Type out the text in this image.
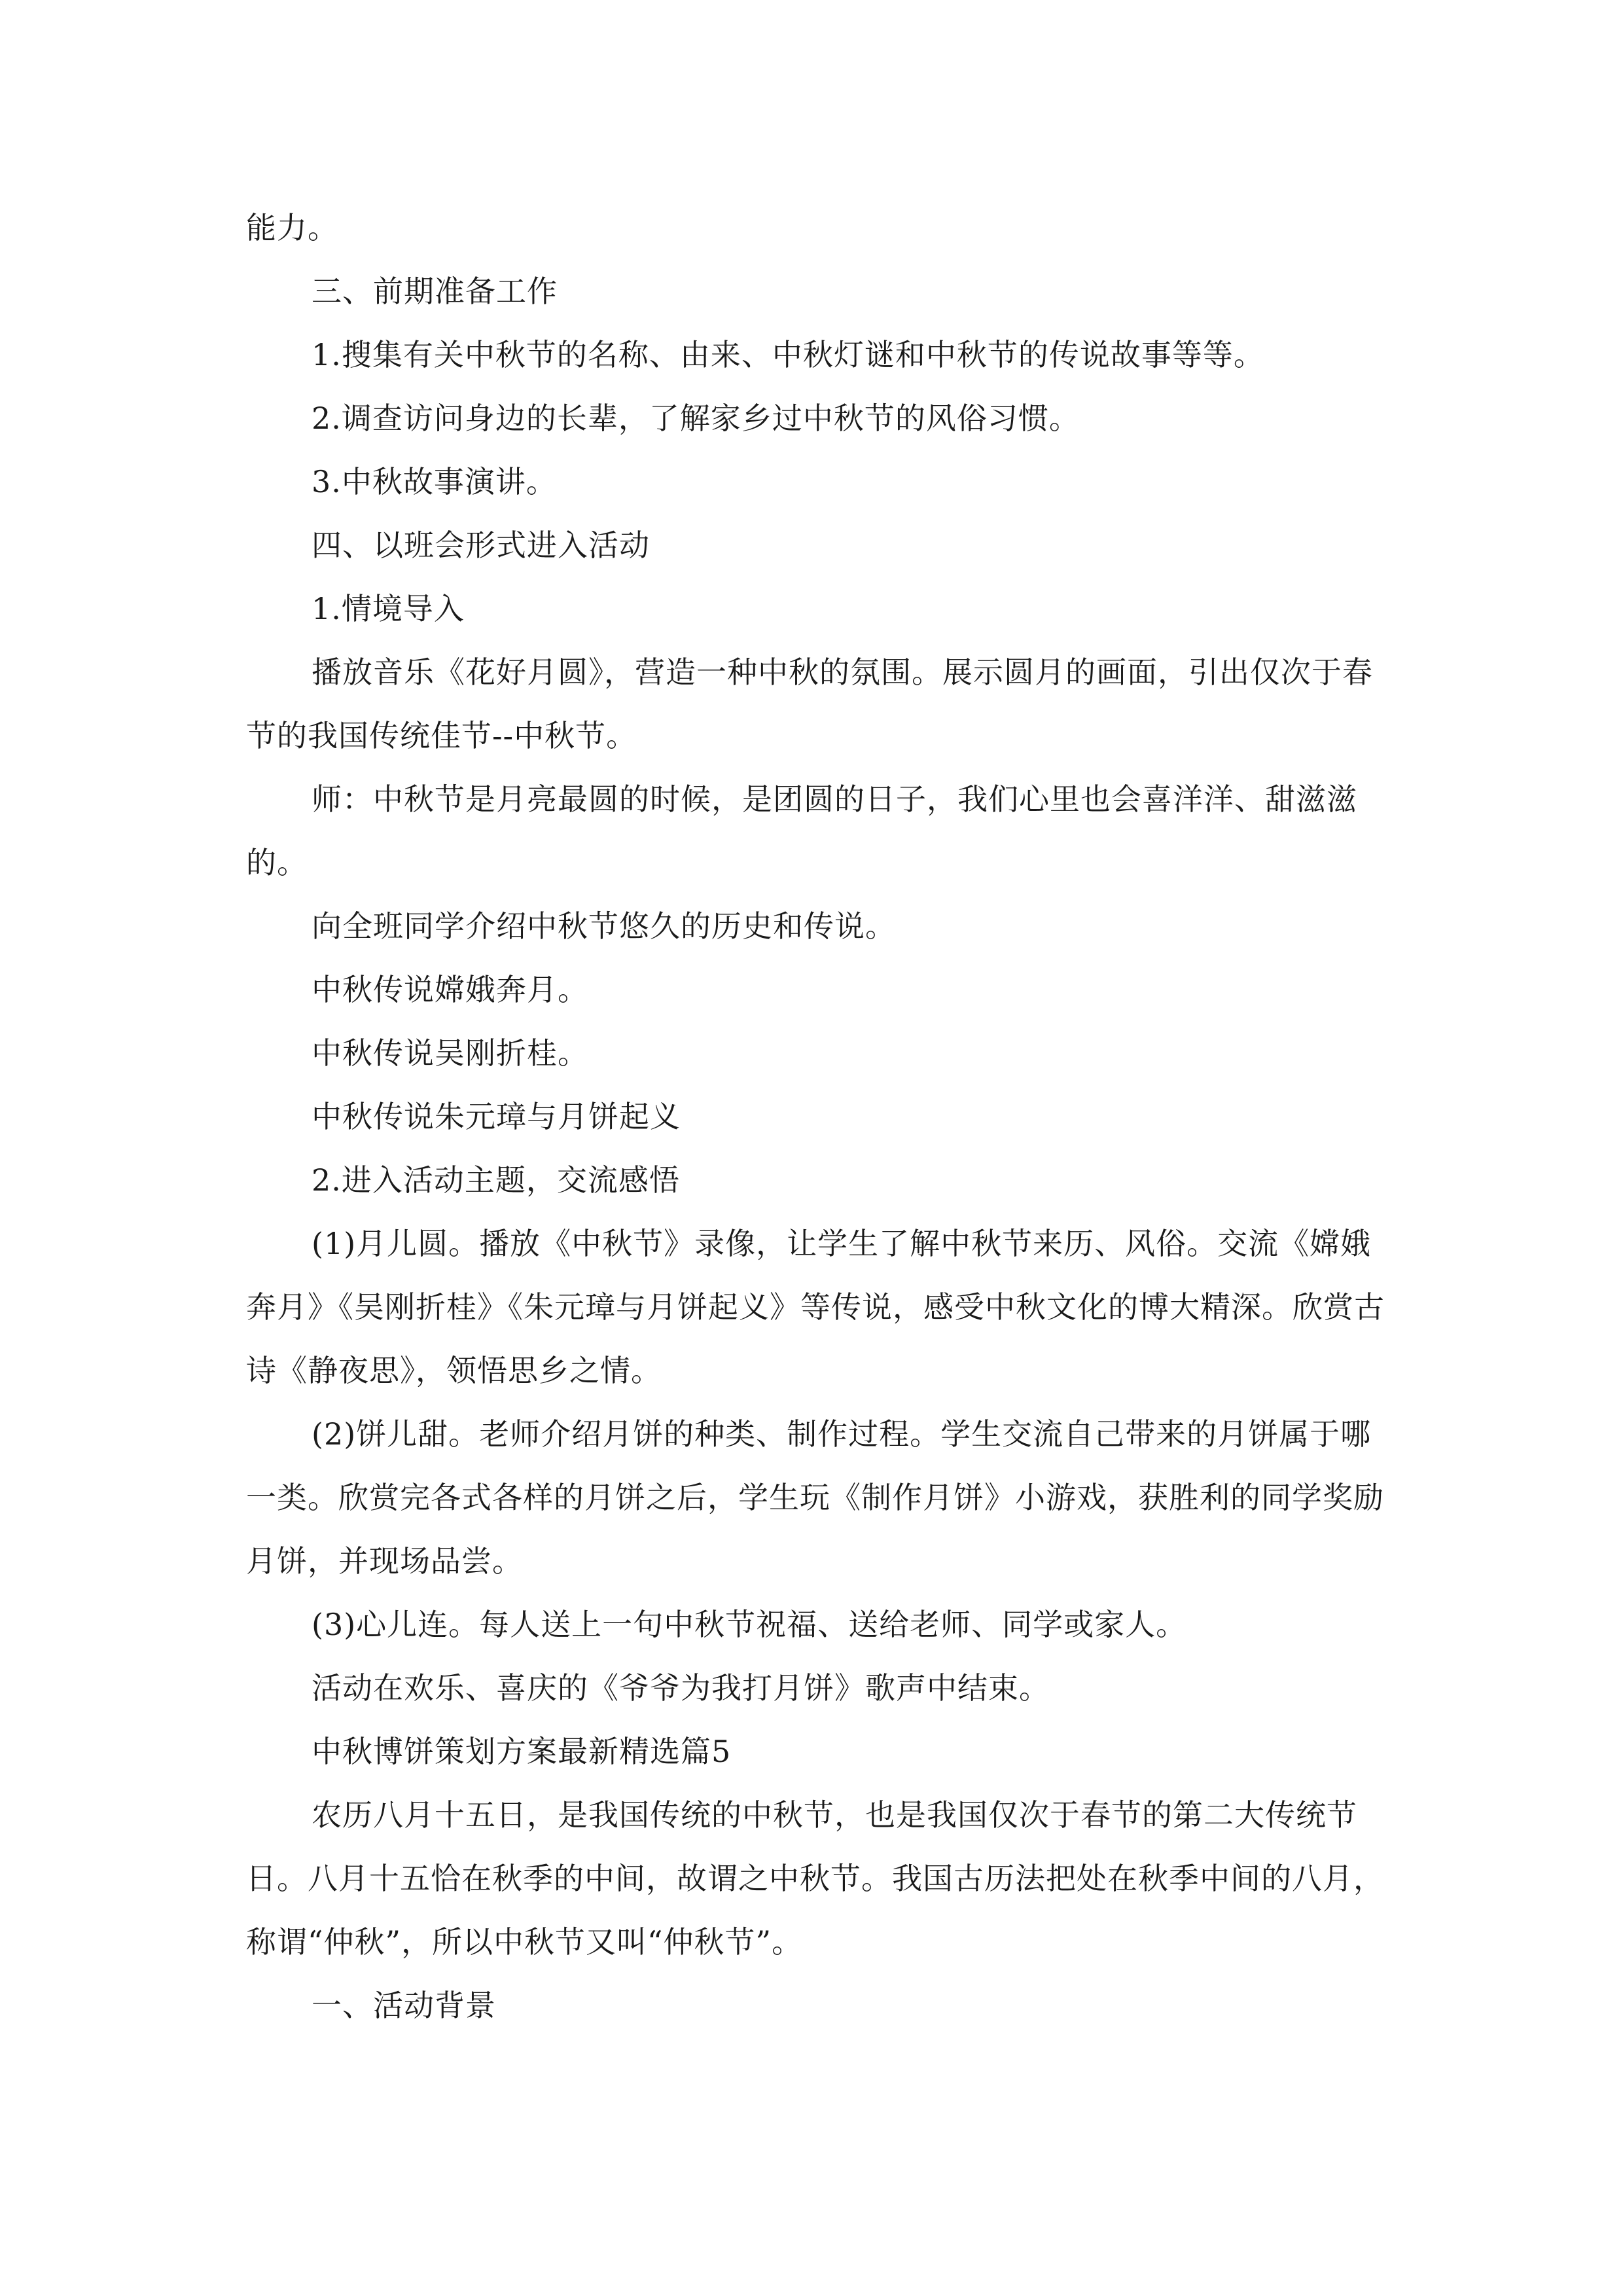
能力。

三、前期准备工作

1.搜集有关中秋节的名称、由来、中秋灯谜和中秋节的传说故事等等。

2.调查访问身边的长辈，了解家乡过中秋节的风俗习惯。

3.中秋故事演讲。

四、以班会形式进入活动

1.情境导入

播放音乐《花好月圆》，营造一种中秋的氛围。展示圆月的画面，引出仅次于春节的我国传统佳节--中秋节。

师：中秋节是月亮最圆的时候，是团圆的日子，我们心里也会喜洋洋、甜滋滋的。

向全班同学介绍中秋节悠久的历史和传说。

中秋传说嫦娥奔月。

中秋传说吴刚折桂。

中秋传说朱元璋与月饼起义

2.进入活动主题，交流感悟

(1)月儿圆。播放《中秋节》录像，让学生了解中秋节来历、风俗。交流《嫦娥奔月》《吴刚折桂》《朱元璋与月饼起义》等传说，感受中秋文化的博大精深。欣赏古诗《静夜思》，领悟思乡之情。

(2)饼儿甜。老师介绍月饼的种类、制作过程。学生交流自己带来的月饼属于哪一类。欣赏完各式各样的月饼之后，学生玩《制作月饼》小游戏，获胜利的同学奖励月饼，并现场品尝。

(3)心儿连。每人送上一句中秋节祝福、送给老师、同学或家人。

活动在欢乐、喜庆的《爷爷为我打月饼》歌声中结束。

中秋博饼策划方案最新精选篇5

农历八月十五日，是我国传统的中秋节，也是我国仅次于春节的第二大传统节日。八月十五恰在秋季的中间，故谓之中秋节。我国古历法把处在秋季中间的八月，称谓“仲秋”，所以中秋节又叫“仲秋节”。

一、活动背景
